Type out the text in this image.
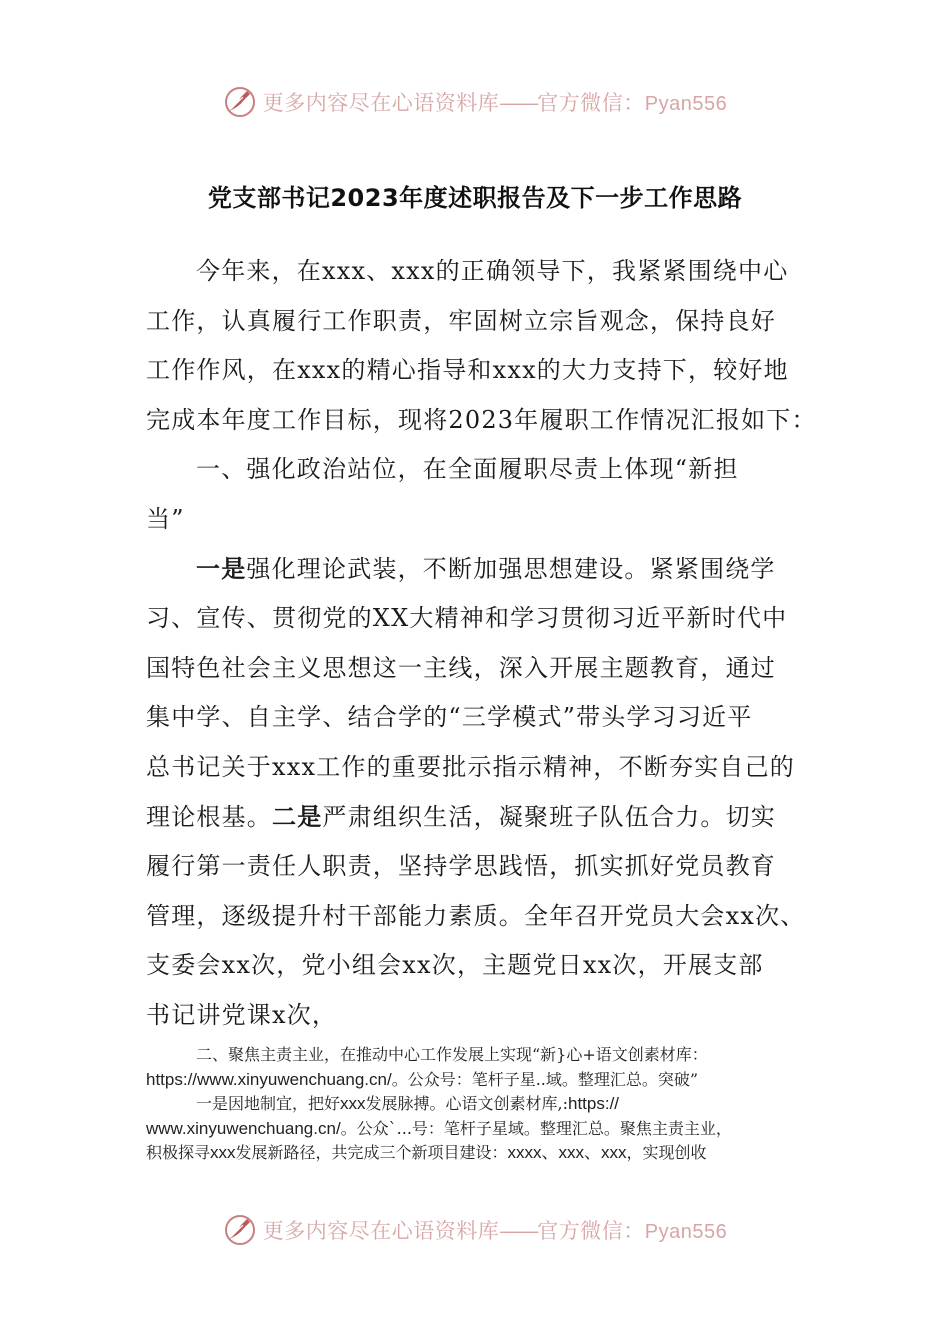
更多内容尽在心语资料库——官方微信：Pyan556
党支部书记2023年度述职报告及下一步工作思路
今年来，在xxx、xxx的正确领导下，我紧紧围绕中心
工作，认真履行工作职责，牢固树立宗旨观念，保持良好
工作作风，在xxx的精心指导和xxx的大力支持下，较好地
完成本年度工作目标，现将2023年履职工作情况汇报如下：
一、强化政治站位，在全面履职尽责上体现“新担
当”
一是强化理论武装，不断加强思想建设。紧紧围绕学
习、宣传、贯彻党的XX大精神和学习贯彻习近平新时代中
国特色社会主义思想这一主线，深入开展主题教育，通过
集中学、自主学、结合学的“三学模式”带头学习习近平
总书记关于xxx工作的重要批示指示精神，不断夯实自己的
理论根基。二是严肃组织生活，凝聚班子队伍合力。切实
履行第一责任人职责，坚持学思践悟，抓实抓好党员教育
管理，逐级提升村干部能力素质。全年召开党员大会xx次、
支委会xx次，党小组会xx次，主题党日xx次，开展支部
书记讲党课x次，
二、聚焦主责主业，在推动中心工作发展上实现“新}心+语文创素材库：
https://www.xinyuwenchuang.cn/。公众号：笔杆子星..域。整理汇总。突破”
一是因地制宜，把好xxx发展脉搏。心语文创素材库,:https://
www.xinyuwenchuang.cn/。公众`...号：笔杆子星域。整理汇总。聚焦主责主业，
积极探寻xxx发展新路径，共完成三个新项目建设：xxxx、xxx、xxx，实现创收
更多内容尽在心语资料库——官方微信：Pyan556
